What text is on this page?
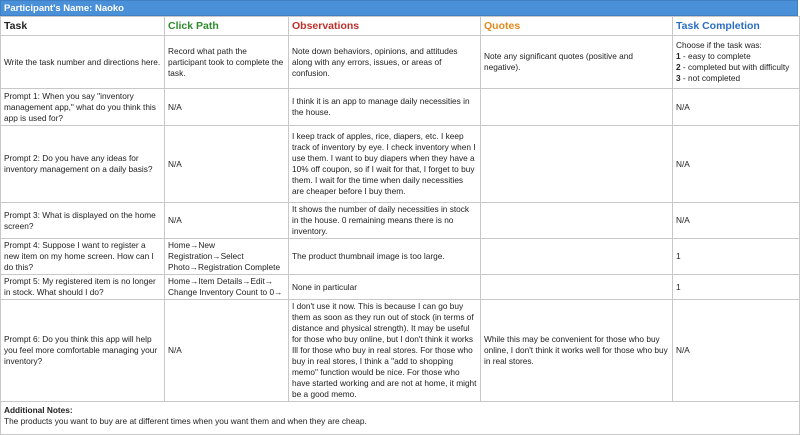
Participant's Name: Naoko
Task	Click Path	Observations	Quotes	Task Completion
Write the task number and directions here.	Record what path the participant took to complete the task.	Note down behaviors, opinions, and attitudes along with any errors, issues, or areas of confusion.	Note any significant quotes (positive and negative).	Choose if the task was:
1 - easy to complete
2 - completed but with difficulty
3 - not completed

Prompt 1: When you say "inventory management app," what do you think this app is used for?	N/A	I think it is an app to manage daily necessities in the house.		N/A
Prompt 2: Do you have any ideas for inventory management on a daily basis?	N/A	I keep track of apples, rice, diapers, etc. I keep track of inventory by eye. I check inventory when I use them. I want to buy diapers when they have a 10% off coupon, so if I wait for that, I forget to buy them. I wait for the time when daily necessities are cheaper before I buy them.		N/A
Prompt 3: What is displayed on the home screen?	N/A	It shows the number of daily necessities in stock in the house. 0 remaining means there is no inventory.		N/A
Prompt 4: Suppose I want to register a new item on my home screen. How can I do this?	Home→New Registration→Select Photo→Registration Complete	The product thumbnail image is too large.		1
Prompt 5: My registered item is no longer in stock. What should I do?	Home→Item Details→Edit→ Change Inventory Count to 0→	None in particular		1
Prompt 6: Do you think this app will help you feel more comfortable managing your inventory?	N/A	I don't use it now. This is because I can go buy them as soon as they run out of stock (in terms of distance and physical strength). It may be useful for those who buy online, but I don't think it works Ill for those who buy in real stores. For those who buy in real stores, I think a "add to shopping memo" function would be nice. For those who have started working and are not at home, it might be a good memo.	While this may be convenient for those who buy online, I don't think it works well for those who buy in real stores.	N/A

Additional Notes:
The products you want to buy are at different times when you want them and when they are cheap.				
